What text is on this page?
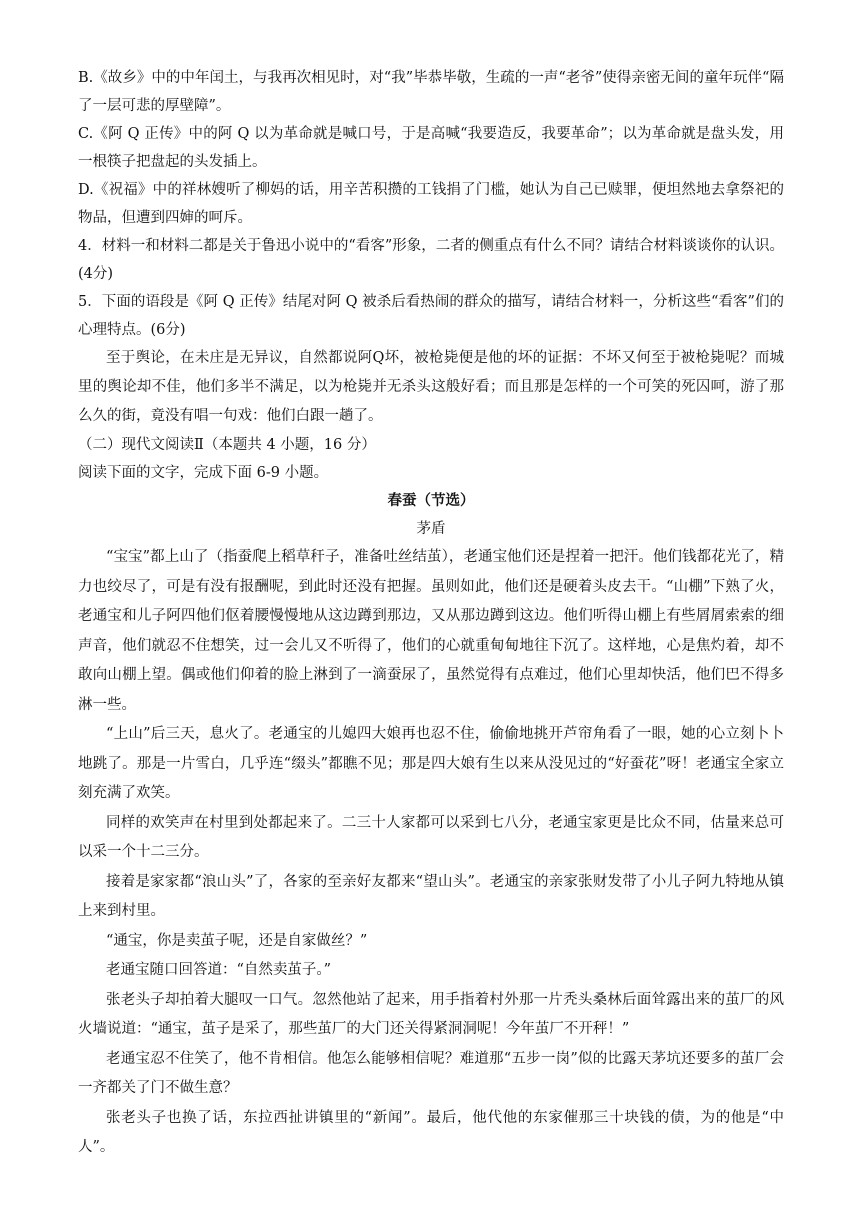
B.《故乡》中的中年闰土，与我再次相见时，对“我”毕恭毕敬，生疏的一声“老爷”使得亲密无间的童年玩伴“隔了一层可悲的厚壁障”。

C.《阿 Q 正传》中的阿 Q 以为革命就是喊口号，于是高喊“我要造反，我要革命”；以为革命就是盘头发，用一根筷子把盘起的头发插上。

D.《祝福》中的祥林嫂听了柳妈的话，用辛苦积攒的工钱捐了门槛，她认为自己已赎罪，便坦然地去拿祭祀的物品，但遭到四婶的呵斥。

4．材料一和材料二都是关于鲁迅小说中的“看客”形象，二者的侧重点有什么不同？请结合材料谈谈你的认识。(4分)

5．下面的语段是《阿 Q 正传》结尾对阿 Q 被杀后看热闹的群众的描写，请结合材料一，分析这些“看客”们的心理特点。(6分)

至于舆论，在未庄是无异议，自然都说阿Q坏，被枪毙便是他的坏的证据：不坏又何至于被枪毙呢？而城里的舆论却不佳，他们多半不满足，以为枪毙并无杀头这般好看；而且那是怎样的一个可笑的死囚呵，游了那么久的街，竟没有唱一句戏：他们白跟一趟了。

（二）现代文阅读Ⅱ（本题共 4 小题，16 分）

阅读下面的文字，完成下面 6-9 小题。

春蚕（节选）

茅盾

“宝宝”都上山了（指蚕爬上稻草秆子，准备吐丝结茧），老通宝他们还是捏着一把汗。他们钱都花光了，精力也绞尽了，可是有没有报酬呢，到此时还没有把握。虽则如此，他们还是硬着头皮去干。“山棚”下熟了火，老通宝和儿子阿四他们伛着腰慢慢地从这边蹲到那边，又从那边蹲到这边。他们听得山棚上有些屑屑索索的细声音，他们就忍不住想笑，过一会儿又不听得了，他们的心就重甸甸地往下沉了。这样地，心是焦灼着，却不敢向山棚上望。偶或他们仰着的脸上淋到了一滴蚕尿了，虽然觉得有点难过，他们心里却快活，他们巴不得多淋一些。

“上山”后三天，息火了。老通宝的儿媳四大娘再也忍不住，偷偷地挑开芦帘角看了一眼，她的心立刻卜卜地跳了。那是一片雪白，几乎连“缀头”都瞧不见；那是四大娘有生以来从没见过的“好蚕花”呀！老通宝全家立刻充满了欢笑。

同样的欢笑声在村里到处都起来了。二三十人家都可以采到七八分，老通宝家更是比众不同，估量来总可以采一个十二三分。

接着是家家都“浪山头”了，各家的至亲好友都来“望山头”。老通宝的亲家张财发带了小儿子阿九特地从镇上来到村里。

“通宝，你是卖茧子呢，还是自家做丝？”

老通宝随口回答道：“自然卖茧子。”

张老头子却拍着大腿叹一口气。忽然他站了起来，用手指着村外那一片秃头桑林后面耸露出来的茧厂的风火墙说道：“通宝，茧子是采了，那些茧厂的大门还关得紧洞洞呢！今年茧厂不开秤！”

老通宝忍不住笑了，他不肯相信。他怎么能够相信呢？难道那“五步一岗”似的比露天茅坑还要多的茧厂会一齐都关了门不做生意？

张老头子也换了话，东拉西扯讲镇里的“新闻”。最后，他代他的东家催那三十块钱的债，为的他是“中人”。
